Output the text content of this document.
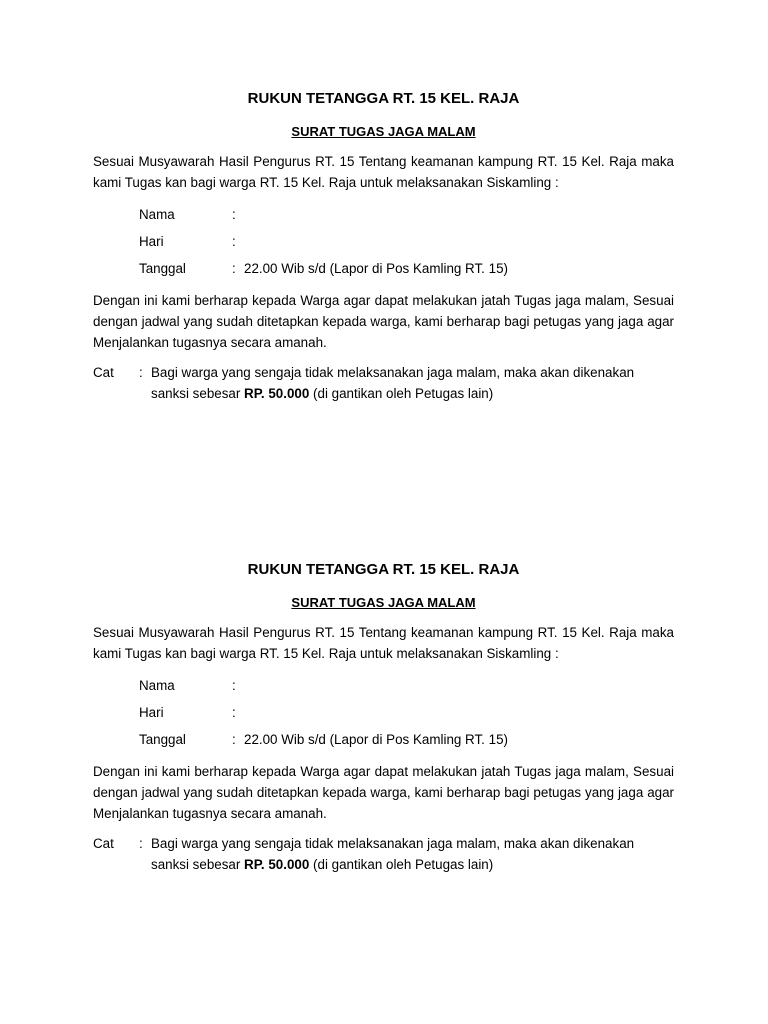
RUKUN TETANGGA RT. 15 KEL. RAJA

SURAT TUGAS JAGA MALAM

Sesuai Musyawarah Hasil Pengurus RT. 15 Tentang keamanan kampung RT. 15 Kel. Raja maka kami Tugas kan bagi warga RT. 15 Kel. Raja untuk melaksanakan Siskamling :

Nama	:
Hari	:
Tanggal	: 22.00 Wib s/d (Lapor di Pos Kamling RT. 15)

Dengan ini kami berharap kepada Warga agar dapat melakukan jatah Tugas jaga malam, Sesuai dengan jadwal yang sudah ditetapkan kepada warga, kami berharap bagi petugas yang jaga agar Menjalankan tugasnya secara amanah.

Cat	: Bagi warga yang sengaja tidak melaksanakan jaga malam, maka akan dikenakan
sanksi sebesar RP. 50.000 (di gantikan oleh Petugas lain)

RUKUN TETANGGA RT. 15 KEL. RAJA

SURAT TUGAS JAGA MALAM

Sesuai Musyawarah Hasil Pengurus RT. 15 Tentang keamanan kampung RT. 15 Kel. Raja maka kami Tugas kan bagi warga RT. 15 Kel. Raja untuk melaksanakan Siskamling :

Nama	:
Hari	:
Tanggal	: 22.00 Wib s/d (Lapor di Pos Kamling RT. 15)

Dengan ini kami berharap kepada Warga agar dapat melakukan jatah Tugas jaga malam, Sesuai dengan jadwal yang sudah ditetapkan kepada warga, kami berharap bagi petugas yang jaga agar Menjalankan tugasnya secara amanah.

Cat	: Bagi warga yang sengaja tidak melaksanakan jaga malam, maka akan dikenakan
sanksi sebesar RP. 50.000 (di gantikan oleh Petugas lain)
